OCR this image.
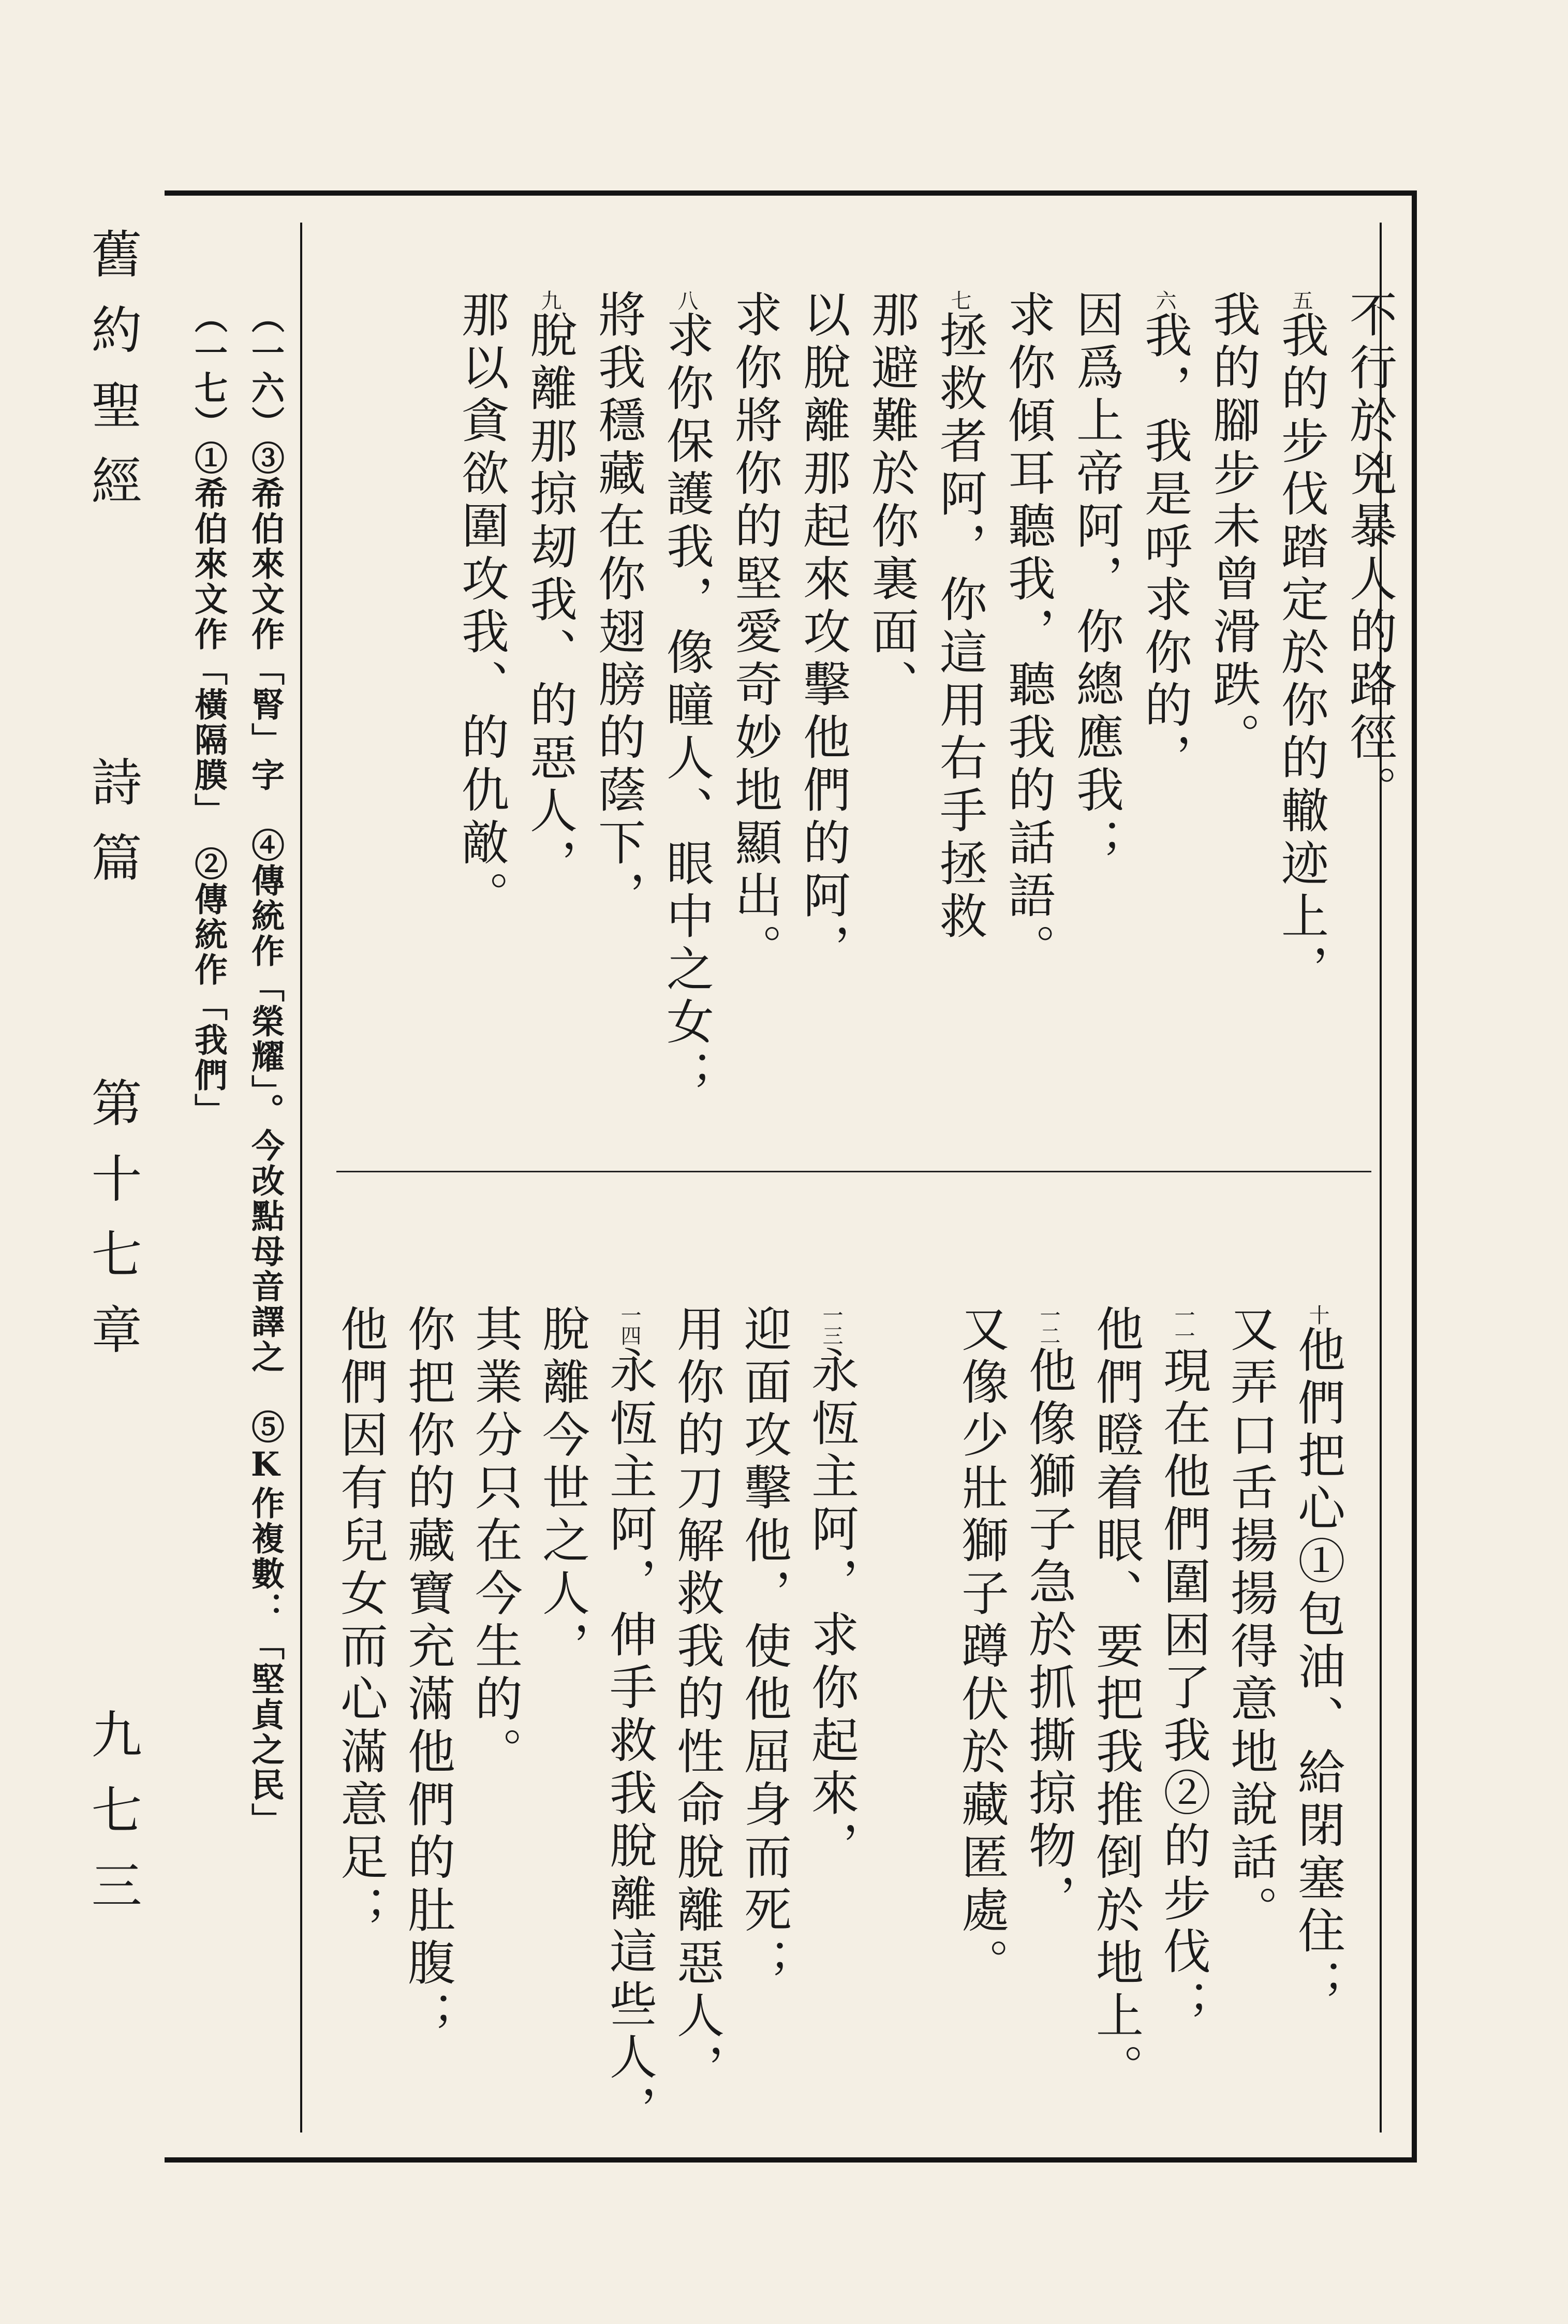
舊約聖經
詩篇
第十七章
九七三
不行於兇暴人的路徑。
五我的步伐踏定於你的轍迹上，
我的腳步未曾滑跌。
六我，我是呼求你的，
因爲上帝阿，你總應我；
求你傾耳聽我，聽我的話語。
七拯救者阿，你這用右手拯救
那避難於你裏面、
以脫離那起來攻擊他們的阿，
求你將你的堅愛奇妙地顯出。
八求你保護我，像瞳人、眼中之女；
將我穩藏在你翅膀的蔭下，
九脫離那掠刼我、的惡人，
那以貪欲圍攻我、的仇敵。
十他們把心①包油、給閉塞住；
又弄口舌揚揚得意地說話。
一一現在他們圍困了我②的步伐；
他們瞪着眼、要把我推倒於地上。
一二他像獅子急於抓撕掠物，
又像少壯獅子蹲伏於藏匿處。
一三永恆主阿，求你起來，
迎面攻擊他，使他屈身而死；
用你的刀解救我的性命脫離惡人，
一四永恆主阿，伸手救我脫離這些人，
脫離今世之人，
其業分只在今生的。
你把你的藏寶充滿他們的肚腹；
他們因有兒女而心滿意足；
（一六）③希伯來文作「腎」字　④傳統作「榮耀」。今改點母音譯之　⑤K作複數：「堅貞之民」
（一七）①希伯來文作「橫隔膜」　②傳統作「我們」
